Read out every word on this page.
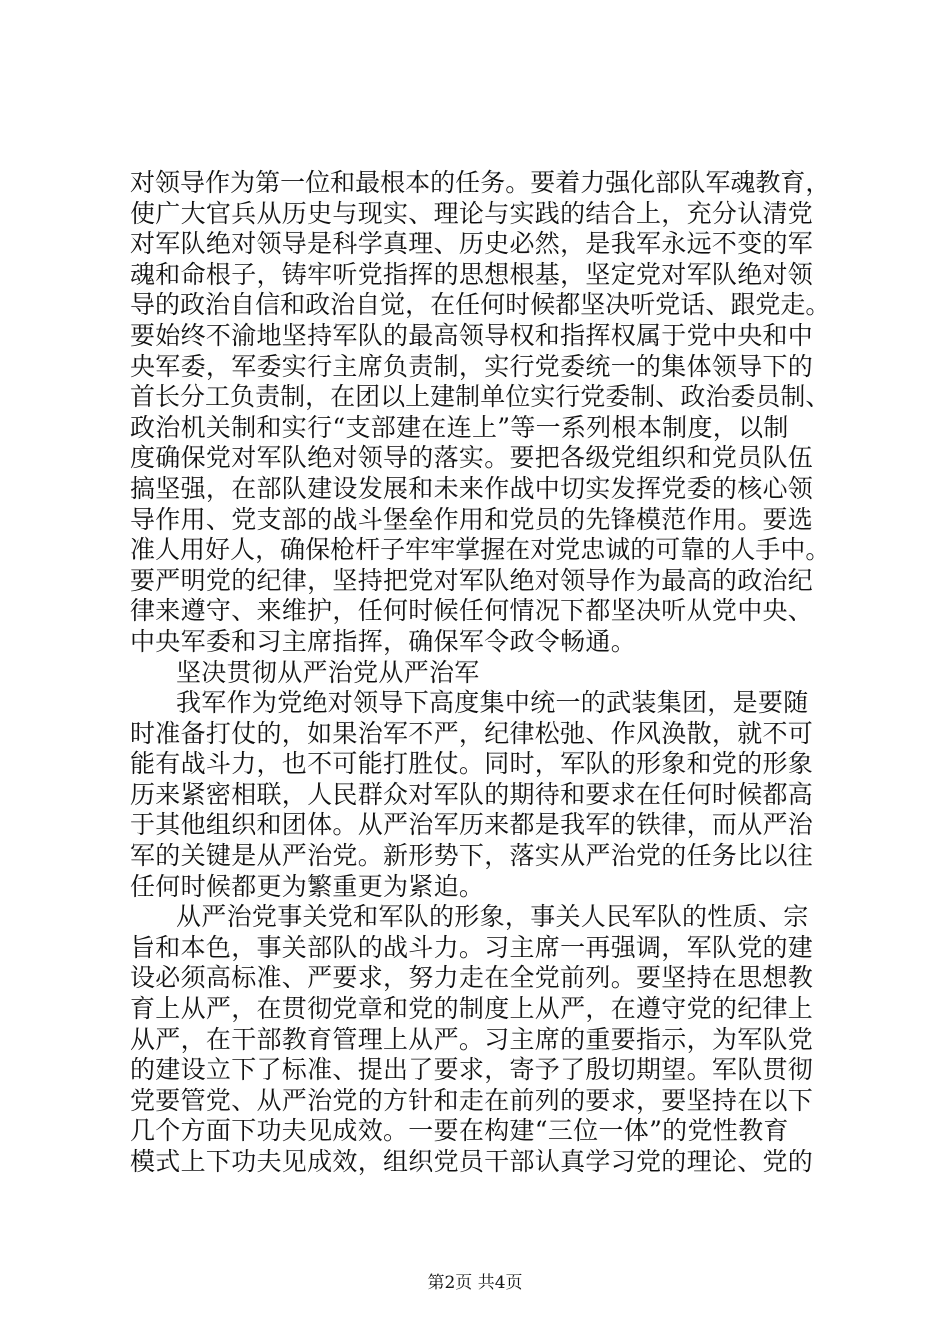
对领导作为第一位和最根本的任务。要着力强化部队军魂教育，
使广大官兵从历史与现实、理论与实践的结合上，充分认清党
对军队绝对领导是科学真理、历史必然，是我军永远不变的军
魂和命根子，铸牢听党指挥的思想根基，坚定党对军队绝对领
导的政治自信和政治自觉，在任何时候都坚决听党话、跟党走。
要始终不渝地坚持军队的最高领导权和指挥权属于党中央和中
央军委，军委实行主席负责制，实行党委统一的集体领导下的
首长分工负责制，在团以上建制单位实行党委制、政治委员制、
政治机关制和实行“支部建在连上”等一系列根本制度，以制
度确保党对军队绝对领导的落实。要把各级党组织和党员队伍
搞坚强，在部队建设发展和未来作战中切实发挥党委的核心领
导作用、党支部的战斗堡垒作用和党员的先锋模范作用。要选
准人用好人，确保枪杆子牢牢掌握在对党忠诚的可靠的人手中。
要严明党的纪律，坚持把党对军队绝对领导作为最高的政治纪
律来遵守、来维护，任何时候任何情况下都坚决听从党中央、
中央军委和习主席指挥，确保军令政令畅通。
坚决贯彻从严治党从严治军
我军作为党绝对领导下高度集中统一的武装集团，是要随
时准备打仗的，如果治军不严，纪律松弛、作风涣散，就不可
能有战斗力，也不可能打胜仗。同时，军队的形象和党的形象
历来紧密相联，人民群众对军队的期待和要求在任何时候都高
于其他组织和团体。从严治军历来都是我军的铁律，而从严治
军的关键是从严治党。新形势下，落实从严治党的任务比以往
任何时候都更为繁重更为紧迫。
从严治党事关党和军队的形象，事关人民军队的性质、宗
旨和本色，事关部队的战斗力。习主席一再强调，军队党的建
设必须高标准、严要求，努力走在全党前列。要坚持在思想教
育上从严，在贯彻党章和党的制度上从严，在遵守党的纪律上
从严，在干部教育管理上从严。习主席的重要指示，为军队党
的建设立下了标准、提出了要求，寄予了殷切期望。军队贯彻
党要管党、从严治党的方针和走在前列的要求，要坚持在以下
几个方面下功夫见成效。一要在构建“三位一体”的党性教育
模式上下功夫见成效，组织党员干部认真学习党的理论、党的
第2页 共4页
